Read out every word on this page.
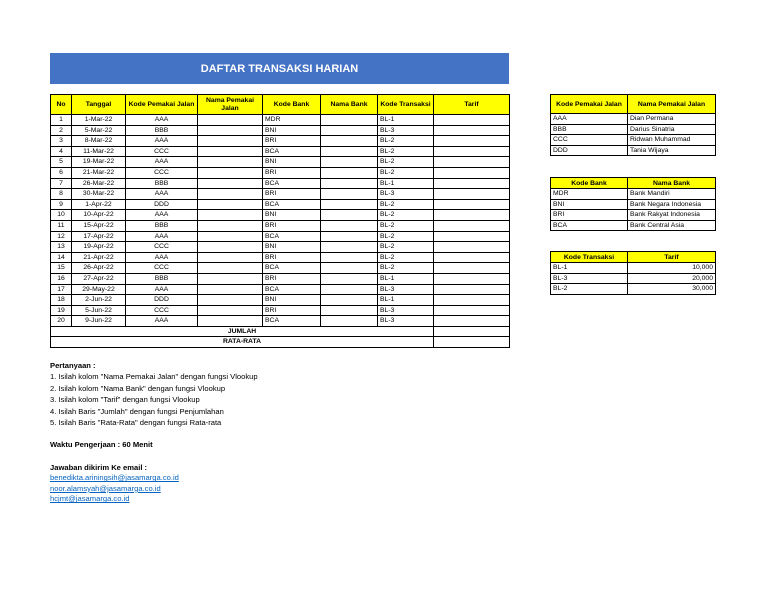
DAFTAR TRANSAKSI HARIAN
No	Tanggal	Kode Pemakai Jalan	Nama Pemakai Jalan	Kode Bank	Nama Bank	Kode Transaksi	Tarif
1	1-Mar-22	AAA		MDR		BL-1	
2	5-Mar-22	BBB		BNI		BL-3	
3	8-Mar-22	AAA		BRI		BL-2	
4	11-Mar-22	CCC		BCA		BL-2	
5	19-Mar-22	AAA		BNI		BL-2	
6	21-Mar-22	CCC		BRI		BL-2	
7	26-Mar-22	BBB		BCA		BL-1	
8	30-Mar-22	AAA		BRI		BL-3	
9	1-Apr-22	DDD		BCA		BL-2	
10	10-Apr-22	AAA		BNI		BL-2	
11	15-Apr-22	BBB		BRI		BL-2	
12	17-Apr-22	AAA		BCA		BL-2	
13	19-Apr-22	CCC		BNI		BL-2	
14	21-Apr-22	AAA		BRI		BL-2	
15	26-Apr-22	CCC		BCA		BL-2	
16	27-Apr-22	BBB		BRI		BL-1	
17	29-May-22	AAA		BCA		BL-3	
18	2-Jun-22	DDD		BNI		BL-1	
19	5-Jun-22	CCC		BRI		BL-3	
20	9-Jun-22	AAA		BCA		BL-3	
JUMLAH							
RATA-RATA							
Kode Pemakai Jalan	Nama Pemakai Jalan
AAA	Dian Permana
BBB	Darius Sinatria
CCC	Ridwan Muhammad
DDD	Tania Wijaya
Kode Bank	Nama Bank
MDR	Bank Mandiri
BNI	Bank Negara Indonesia
BRI	Bank Rakyat Indonesia
BCA	Bank Central Asia
Kode Transaksi	Tarif
BL-1	10,000
BL-3	20,000
BL-2	30,000
Pertanyaan :
1. Isilah kolom "Nama Pemakai Jalan" dengan fungsi Vlookup
2. Isilah kolom "Nama Bank" dengan fungsi Vlookup
3. Isilah kolom "Tarif" dengan fungsi Vlookup
4. Isilah Baris "Jumlah" dengan fungsi Penjumlahan
5. Isilah Baris "Rata-Rata" dengan fungsi Rata-rata
Waktu Pengerjaan : 60 Menit
Jawaban dikirim Ke email :
benedikta.ariningsih@jasamarga.co.id
noor.alamsyah@jasamarga.co.id
hcjmt@jasamarga.co.id
